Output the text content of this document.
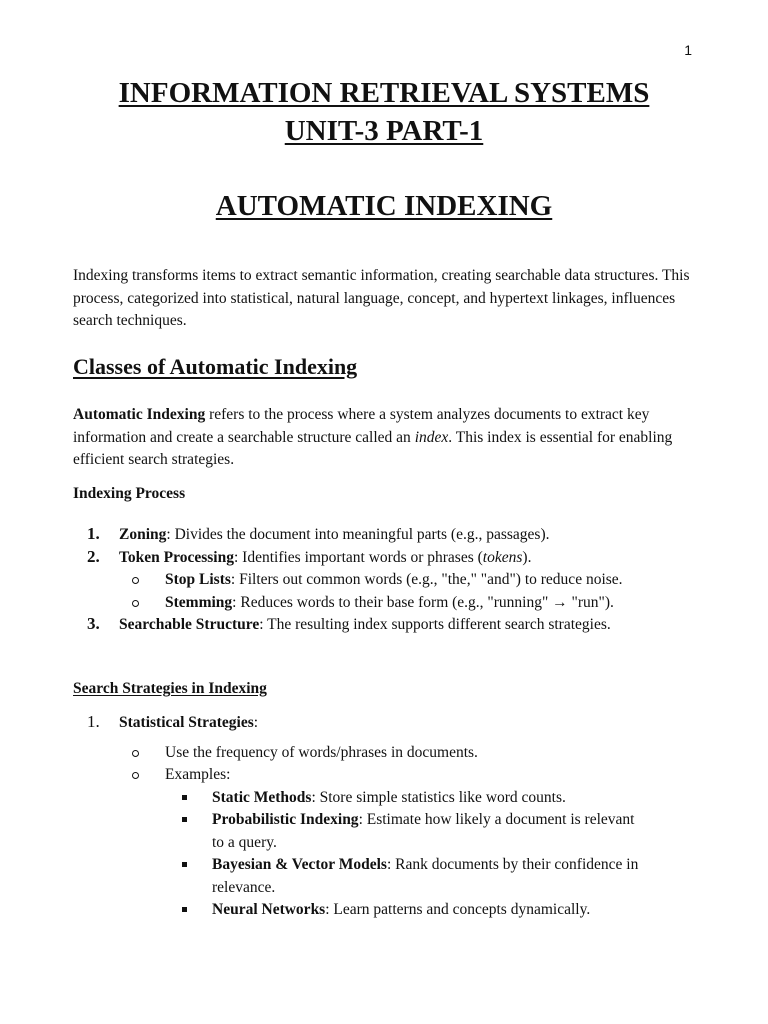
1
INFORMATION RETRIEVAL SYSTEMS
UNIT-3 PART-1
AUTOMATIC INDEXING

Indexing transforms items to extract semantic information, creating searchable data structures. This process, categorized into statistical, natural language, concept, and hypertext linkages, influences search techniques.

Classes of Automatic Indexing

Automatic Indexing refers to the process where a system analyzes documents to extract key information and create a searchable structure called an index. This index is essential for enabling efficient search strategies.

Indexing Process
1. Zoning: Divides the document into meaningful parts (e.g., passages).
2. Token Processing: Identifies important words or phrases (tokens).
Stop Lists: Filters out common words (e.g., "the," "and") to reduce noise.
Stemming: Reduces words to their base form (e.g., "running" → "run").
3. Searchable Structure: The resulting index supports different search strategies.
Search Strategies in Indexing
1. Statistical Strategies:
Use the frequency of words/phrases in documents.
Examples:
Static Methods: Store simple statistics like word counts.
Probabilistic Indexing: Estimate how likely a document is relevant to a query.
Bayesian & Vector Models: Rank documents by their confidence in relevance.
Neural Networks: Learn patterns and concepts dynamically.
